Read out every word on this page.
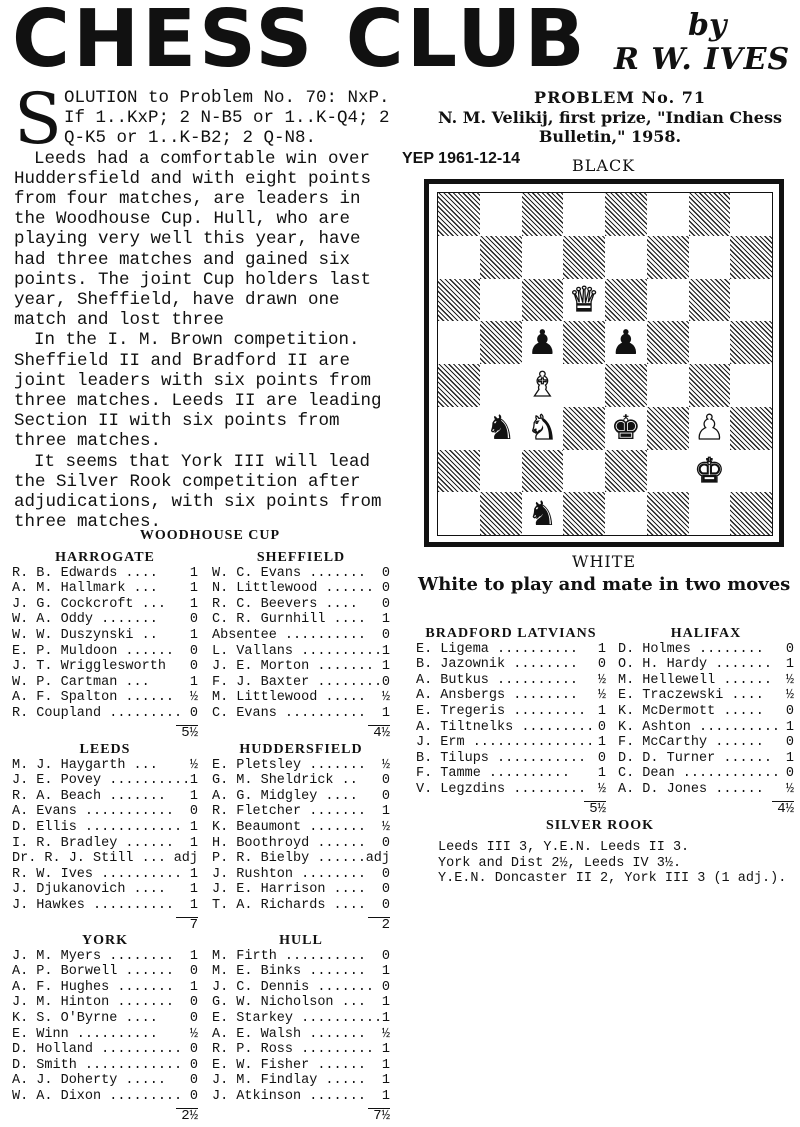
CHESS CLUB	by
R W. IVES
S OLUTION to Problem No. 70: NxP. If 1..KxP; 2 N-B5 or 1..K-Q4; 2 Q-K5 or 1..K-B2; 2 Q-N8.

Leeds had a comfortable win over Huddersfield and with eight points from four matches, are leaders in the Woodhouse Cup. Hull, who are playing very well this year, have had three matches and gained six points. The joint Cup holders last year, Sheffield, have drawn one match and lost three

In the I. M. Brown competition. Sheffield II and Bradford II are joint leaders with six points from three matches. Leeds II are leading Section II with six points from three matches.

It seems that York III will lead the Silver Rook competition after adjudications, with six points from three matches.

WOODHOUSE CUP
HARROGATE
R. B. Edwards .... 1
A. M. Hallmark ... 1
J. G. Cockcroft ... 1
W. A. Oddy ....... 0
W. W. Duszynski .. 1
E. P. Muldoon ...... 0
J. T. Wrigglesworth 0
W. P. Cartman ...	1
A. F. Spalton ...... ½
R. Coupland ......... 0
5½
SHEFFIELD
W. C. Evans ....... 0
N. Littlewood ...... 0
R. C. Beevers .... 0
C. R. Gurnhill .... 1
Absentee .......... 0
L. Vallans .......... 1
J. E. Morton ....... 1
F. J. Baxter ........ 0
M. Littlewood ..... ½
C. Evans .......... 1
4½
LEEDS
M. J. Haygarth ... ½
J. E. Povey .......... 1
R. A. Beach ....... 1
A. Evans ........... 0
D. Ellis ............ 1
I. R. Bradley ...... 1
Dr. R. J. Still ... adj
R. W. Ives .......... 1
J. Djukanovich .... 1
J. Hawkes .......... 1
7
HUDDERSFIELD
E. Pletsley ....... ½
G. M. Sheldrick .. 0
A. G. Midgley .... 0
R. Fletcher ....... 1
K. Beaumont ....... ½
H. Boothroyd ...... 0
P. R. Bielby ...... adj
J. Rushton ........ 0
J. E. Harrison .... 0
T. A. Richards .... 0
2
YORK
J. M. Myers ........ 1
A. P. Borwell ...... 0
A. F. Hughes ....... 1
J. M. Hinton ....... 0
K. S. O'Byrne .... 0
E. Winn .......... ½
D. Holland .......... 0
D. Smith ............ 0
A. J. Doherty ..... 0
W. A. Dixon ......... 0
2½
HULL
M. Firth .......... 0
M. E. Binks ....... 1
J. C. Dennis ....... 0
G. W. Nicholson ... 1
E. Starkey .......... 1
A. E. Walsh ....... ½
R. P. Ross ......... 1
E. W. Fisher ...... 1
J. M. Findlay ..... 1
J. Atkinson ....... 1
7½
PROBLEM No. 71
N. M. Velikij, first prize, "Indian Chess Bulletin," 1958.
YEP 1961-12-14	BLACK
♛
♟ ♟
♝
♞ ♞ ♚ ♟
♚
♞
WHITE
White to play and mate in two moves
BRADFORD LATVIANS
E. Ligema .......... 1
B. Jazownik ........ 0
A. Butkus .......... ½
A. Ansbergs ........ ½
E. Tregeris ......... 1
A. Tiltnelks ......... 0
J. Erm ............... 1
B. Tilups ........... 0
F. Tamme .......... 1
V. Legzdins ......... ½
5½
HALIFAX
D. Holmes ........ 0
O. H. Hardy ....... 1
M. Hellewell ...... ½
E. Traczewski .... ½
K. McDermott ..... 0
K. Ashton .......... 1
F. McCarthy ...... 0
D. D. Turner ...... 1
C. Dean ............ 0
A. D. Jones ...... ½
4½
SILVER ROOK
Leeds III 3, Y.E.N. Leeds II 3.
York and Dist 2½, Leeds IV 3½.
Y.E.N. Doncaster II 2, York III 3 (1 adj.).
